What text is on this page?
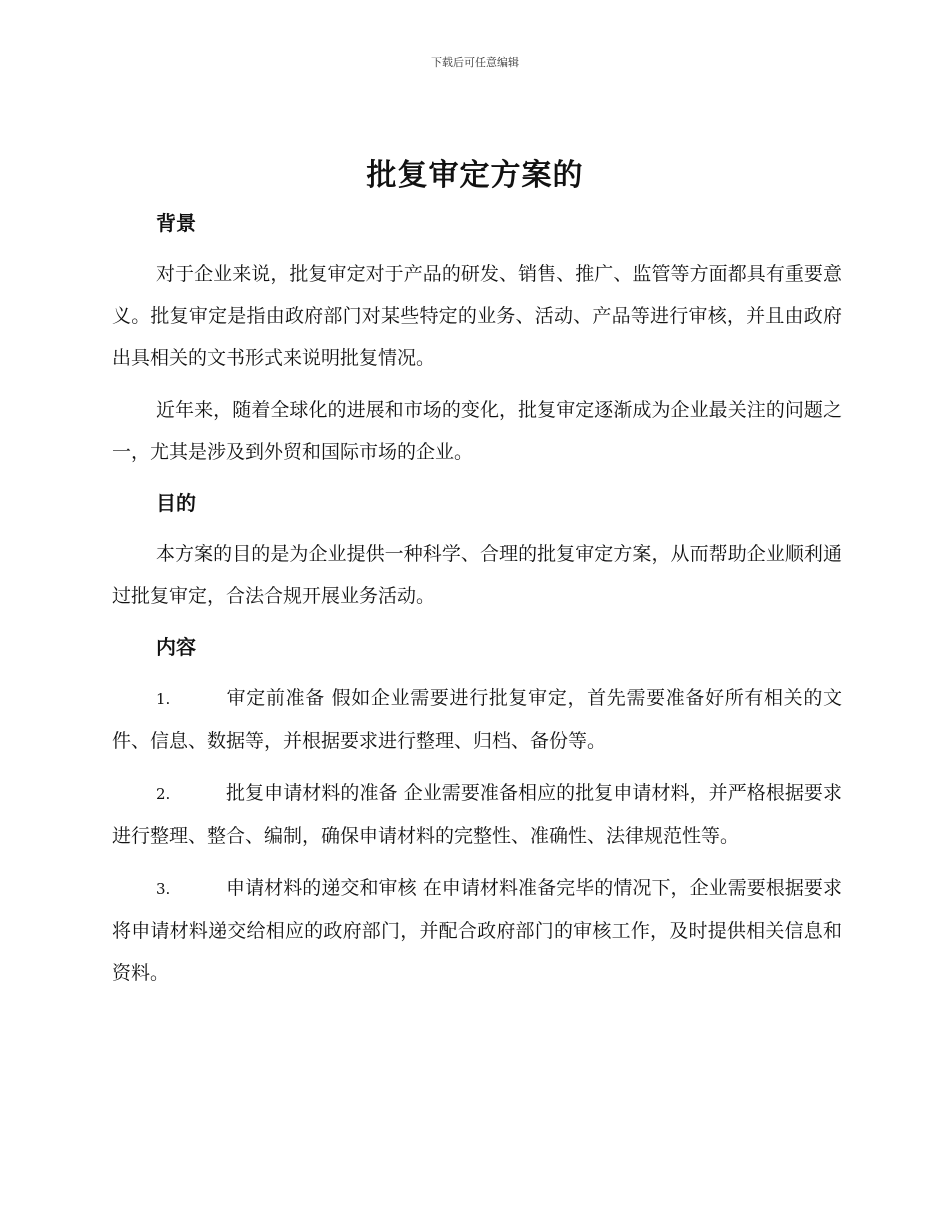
下载后可任意编辑
批复审定方案的
背景

对于企业来说，批复审定对于产品的研发、销售、推广、监管等方面都具有重要意义。批复审定是指由政府部门对某些特定的业务、活动、产品等进行审核，并且由政府出具相关的文书形式来说明批复情况。

近年来，随着全球化的进展和市场的变化，批复审定逐渐成为企业最关注的问题之一，尤其是涉及到外贸和国际市场的企业。

目的

本方案的目的是为企业提供一种科学、合理的批复审定方案，从而帮助企业顺利通过批复审定，合法合规开展业务活动。

内容

1.	审定前准备 假如企业需要进行批复审定，首先需要准备好所有相关的文件、信息、数据等，并根据要求进行整理、归档、备份等。

2.	批复申请材料的准备 企业需要准备相应的批复申请材料，并严格根据要求进行整理、整合、编制，确保申请材料的完整性、准确性、法律规范性等。

3.	申请材料的递交和审核 在申请材料准备完毕的情况下，企业需要根据要求将申请材料递交给相应的政府部门，并配合政府部门的审核工作，及时提供相关信息和资料。
